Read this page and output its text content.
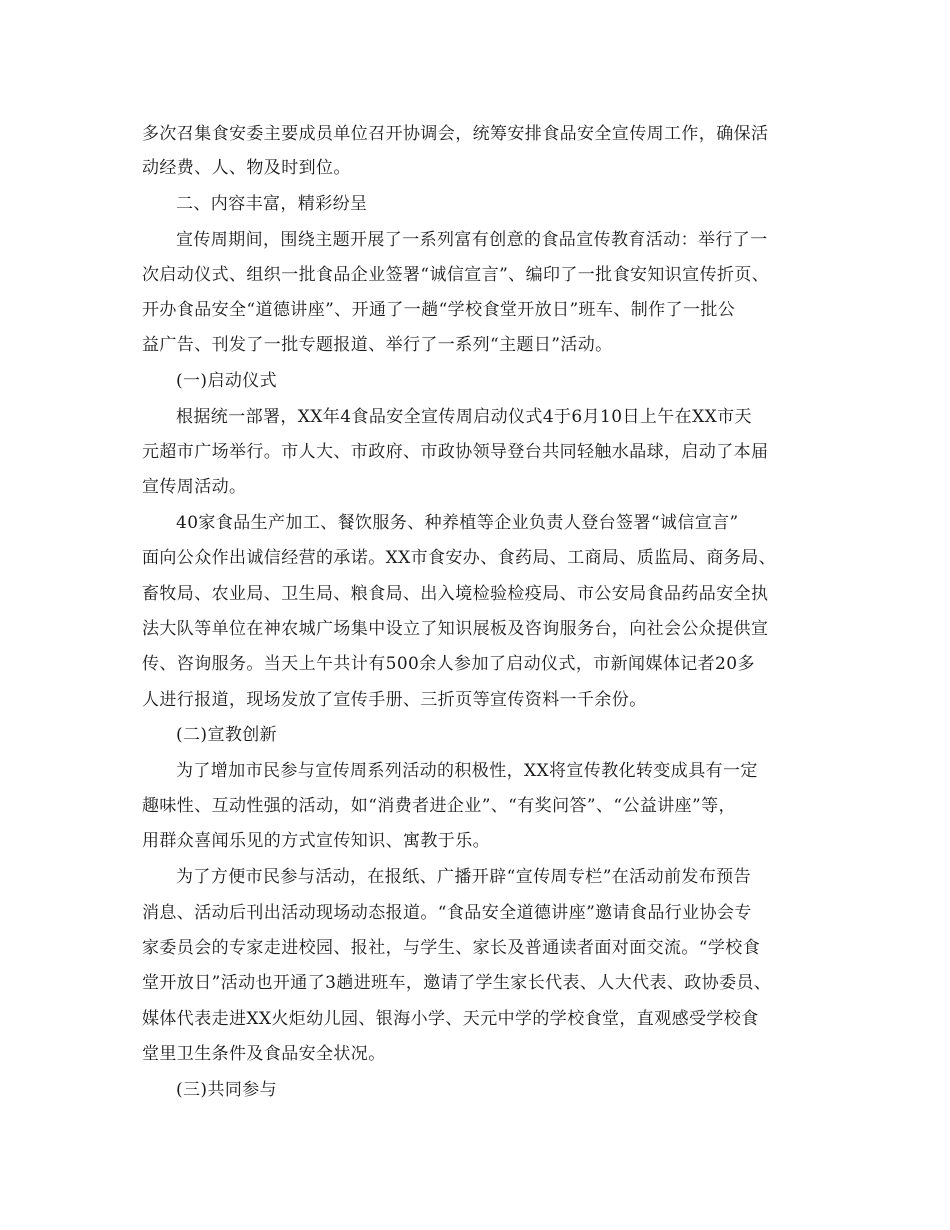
多次召集食安委主要成员单位召开协调会，统筹安排食品安全宣传周工作，确保活
动经费、人、物及时到位。
二、内容丰富，精彩纷呈
宣传周期间，围绕主题开展了一系列富有创意的食品宣传教育活动：举行了一
次启动仪式、组织一批食品企业签署“诚信宣言”、编印了一批食安知识宣传折页、
开办食品安全“道德讲座”、开通了一趟“学校食堂开放日”班车、制作了一批公
益广告、刊发了一批专题报道、举行了一系列“主题日”活动。
(一)启动仪式
根据统一部署，XX年4食品安全宣传周启动仪式4于6月10日上午在XX市天
元超市广场举行。市人大、市政府、市政协领导登台共同轻触水晶球，启动了本届
宣传周活动。
40家食品生产加工、餐饮服务、种养植等企业负责人登台签署“诚信宣言”
面向公众作出诚信经营的承诺。XX市食安办、食药局、工商局、质监局、商务局、
畜牧局、农业局、卫生局、粮食局、出入境检验检疫局、市公安局食品药品安全执
法大队等单位在神农城广场集中设立了知识展板及咨询服务台，向社会公众提供宣
传、咨询服务。当天上午共计有500余人参加了启动仪式，市新闻媒体记者20多
人进行报道，现场发放了宣传手册、三折页等宣传资料一千余份。
(二)宣教创新
为了增加市民参与宣传周系列活动的积极性，XX将宣传教化转变成具有一定
趣味性、互动性强的活动，如“消费者进企业”、“有奖问答”、“公益讲座”等，
用群众喜闻乐见的方式宣传知识、寓教于乐。
为了方便市民参与活动，在报纸、广播开辟“宣传周专栏”在活动前发布预告
消息、活动后刊出活动现场动态报道。“食品安全道德讲座”邀请食品行业协会专
家委员会的专家走进校园、报社，与学生、家长及普通读者面对面交流。“学校食
堂开放日”活动也开通了3趟进班车，邀请了学生家长代表、人大代表、政协委员、
媒体代表走进XX火炬幼儿园、银海小学、天元中学的学校食堂，直观感受学校食
堂里卫生条件及食品安全状况。
(三)共同参与
